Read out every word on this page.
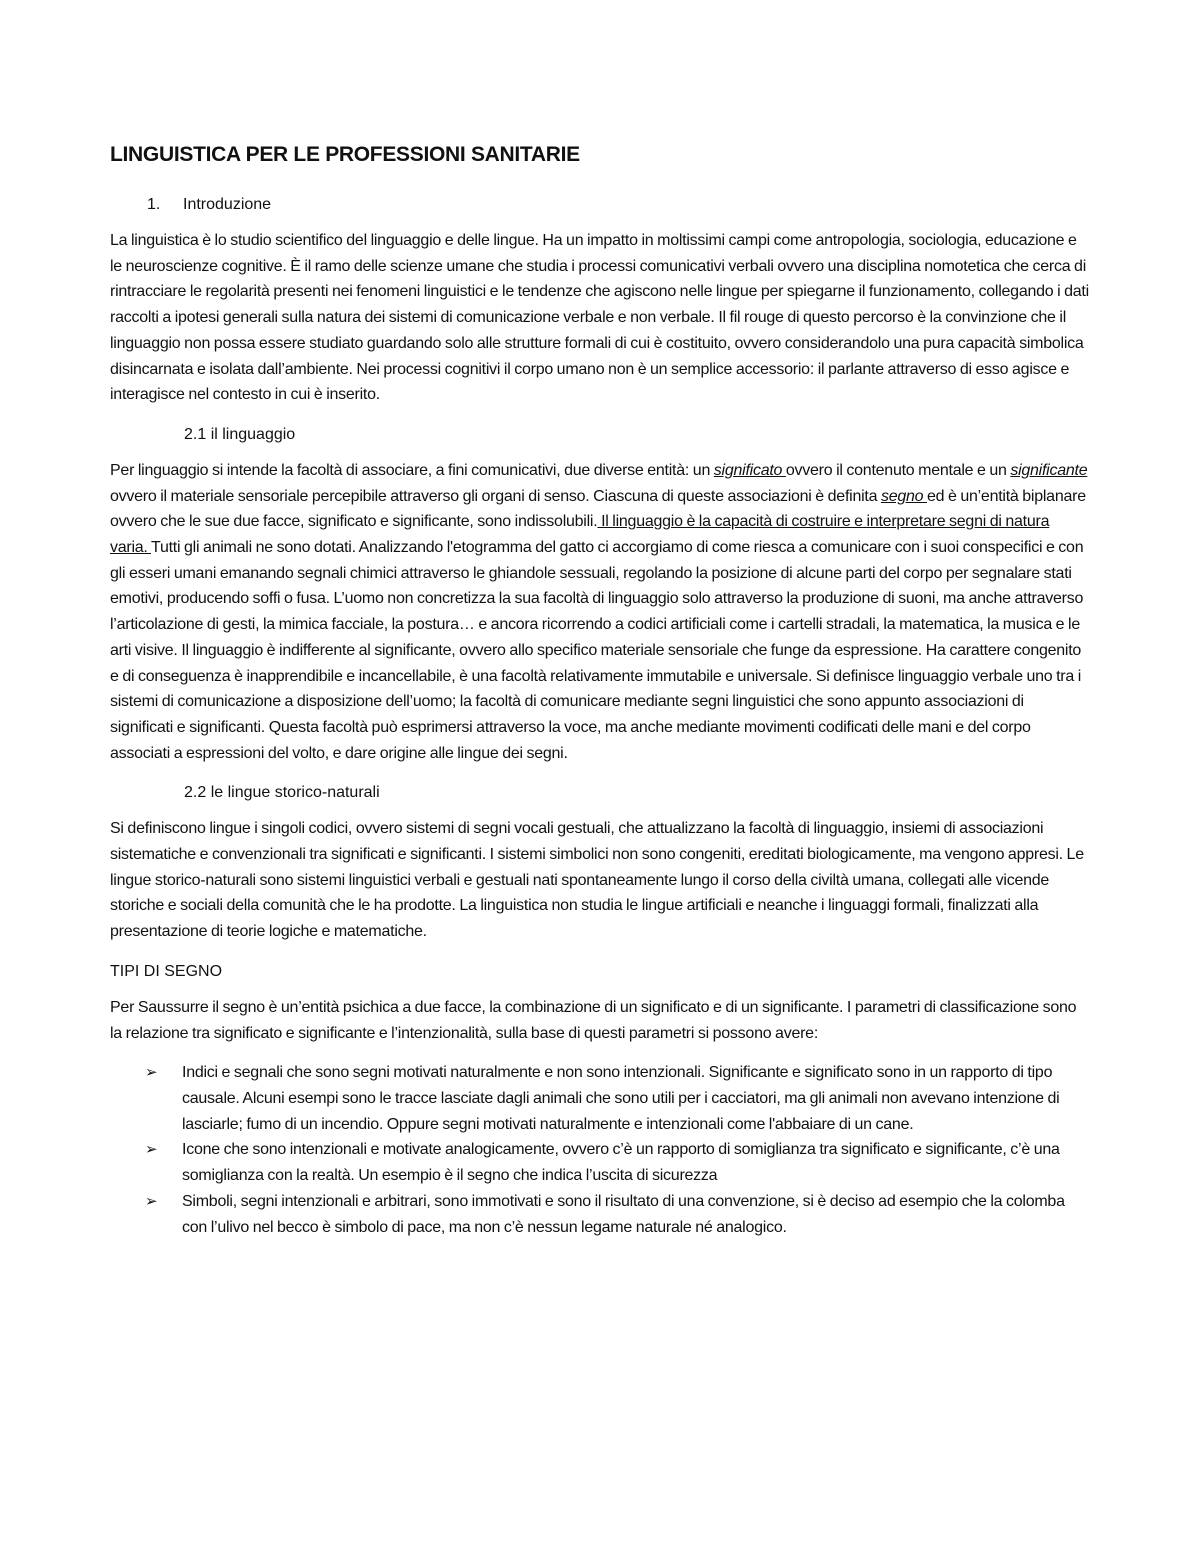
LINGUISTICA PER LE PROFESSIONI SANITARIE
1. Introduzione

La linguistica è lo studio scientifico del linguaggio e delle lingue. Ha un impatto in moltissimi campi come antropologia, sociologia, educazione e le neuroscienze cognitive. È il ramo delle scienze umane che studia i processi comunicativi verbali ovvero una disciplina nomotetica che cerca di rintracciare le regolarità presenti nei fenomeni linguistici e le tendenze che agiscono nelle lingue per spiegarne il funzionamento, collegando i dati raccolti a ipotesi generali sulla natura dei sistemi di comunicazione verbale e non verbale. Il fil rouge di questo percorso è la convinzione che il linguaggio non possa essere studiato guardando solo alle strutture formali di cui è costituito, ovvero considerandolo una pura capacità simbolica disincarnata e isolata dall’ambiente. Nei processi cognitivi il corpo umano non è un semplice accessorio: il parlante attraverso di esso agisce e interagisce nel contesto in cui è inserito.

2.1 il linguaggio

Per linguaggio si intende la facoltà di associare, a fini comunicativi, due diverse entità: un significato ovvero il contenuto mentale e un significante ovvero il materiale sensoriale percepibile attraverso gli organi di senso. Ciascuna di queste associazioni è definita segno ed è un’entità biplanare ovvero che le sue due facce, significato e significante, sono indissolubili. Il linguaggio è la capacità di costruire e interpretare segni di natura varia. Tutti gli animali ne sono dotati. Analizzando l'etogramma del gatto ci accorgiamo di come riesca a comunicare con i suoi conspecifici e con gli esseri umani emanando segnali chimici attraverso le ghiandole sessuali, regolando la posizione di alcune parti del corpo per segnalare stati emotivi, producendo soffi o fusa. L’uomo non concretizza la sua facoltà di linguaggio solo attraverso la produzione di suoni, ma anche attraverso l’articolazione di gesti, la mimica facciale, la postura… e ancora ricorrendo a codici artificiali come i cartelli stradali, la matematica, la musica e le arti visive. Il linguaggio è indifferente al significante, ovvero allo specifico materiale sensoriale che funge da espressione. Ha carattere congenito e di conseguenza è inapprendibile e incancellabile, è una facoltà relativamente immutabile e universale. Si definisce linguaggio verbale uno tra i sistemi di comunicazione a disposizione dell’uomo; la facoltà di comunicare mediante segni linguistici che sono appunto associazioni di significati e significanti. Questa facoltà può esprimersi attraverso la voce, ma anche mediante movimenti codificati delle mani e del corpo associati a espressioni del volto, e dare origine alle lingue dei segni.

2.2 le lingue storico-naturali

Si definiscono lingue i singoli codici, ovvero sistemi di segni vocali gestuali, che attualizzano la facoltà di linguaggio, insiemi di associazioni sistematiche e convenzionali tra significati e significanti. I sistemi simbolici non sono congeniti, ereditati biologicamente, ma vengono appresi. Le lingue storico-naturali sono sistemi linguistici verbali e gestuali nati spontaneamente lungo il corso della civiltà umana, collegati alle vicende storiche e sociali della comunità che le ha prodotte. La linguistica non studia le lingue artificiali e neanche i linguaggi formali, finalizzati alla presentazione di teorie logiche e matematiche.

TIPI DI SEGNO

Per Saussurre il segno è un’entità psichica a due facce, la combinazione di un significato e di un significante. I parametri di classificazione sono la relazione tra significato e significante e l’intenzionalità, sulla base di questi parametri si possono avere:

➢ Indici e segnali che sono segni motivati naturalmente e non sono intenzionali. Significante e significato sono in un rapporto di tipo causale. Alcuni esempi sono le tracce lasciate dagli animali che sono utili per i cacciatori, ma gli animali non avevano intenzione di lasciarle; fumo di un incendio. Oppure segni motivati naturalmente e intenzionali come l'abbaiare di un cane.
➢ Icone che sono intenzionali e motivate analogicamente, ovvero c’è un rapporto di somiglianza tra significato e significante, c’è una somiglianza con la realtà. Un esempio è il segno che indica l’uscita di sicurezza
➢ Simboli, segni intenzionali e arbitrari, sono immotivati e sono il risultato di una convenzione, si è deciso ad esempio che la colomba con l’ulivo nel becco è simbolo di pace, ma non c’è nessun legame naturale né analogico.
